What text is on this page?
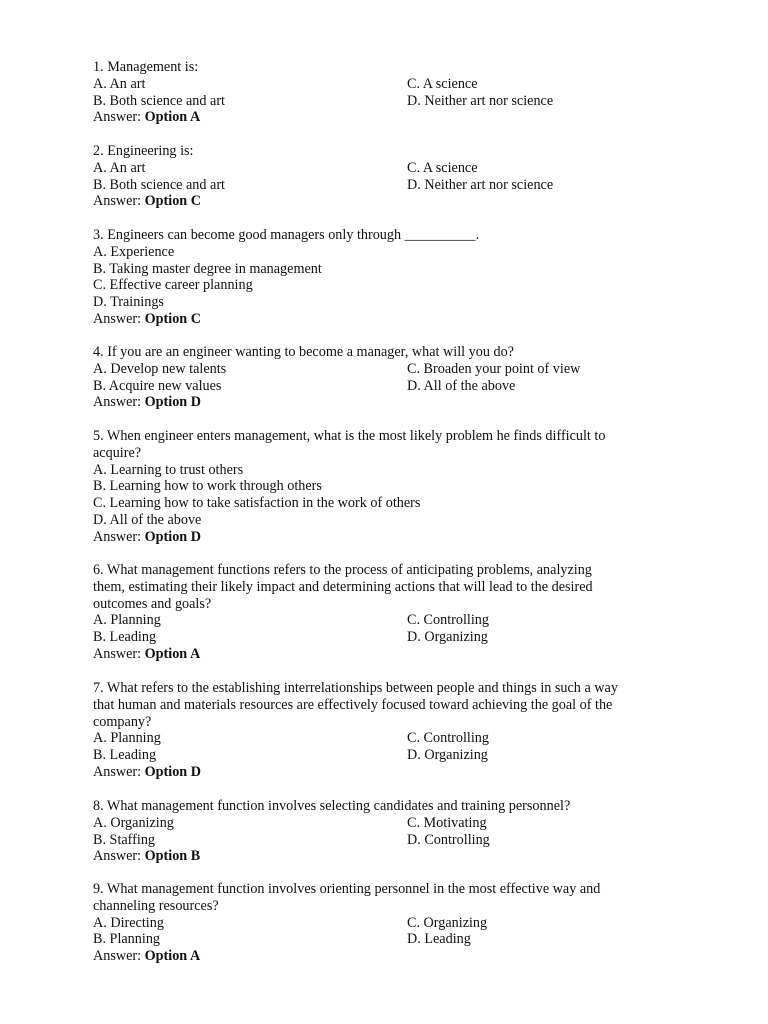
1. Management is:
A. An art	C. A science
B. Both science and art	D. Neither art nor science
Answer: Option A
2. Engineering is:
A. An art	C. A science
B. Both science and art	D. Neither art nor science
Answer: Option C
3. Engineers can become good managers only through __________.
A. Experience
B. Taking master degree in management
C. Effective career planning
D. Trainings
Answer: Option C
4. If you are an engineer wanting to become a manager, what will you do?
A. Develop new talents	C. Broaden your point of view
B. Acquire new values	D. All of the above
Answer: Option D
5. When engineer enters management, what is the most likely problem he finds difficult to
acquire?
A. Learning to trust others
B. Learning how to work through others
C. Learning how to take satisfaction in the work of others
D. All of the above
Answer: Option D
6. What management functions refers to the process of anticipating problems, analyzing
them, estimating their likely impact and determining actions that will lead to the desired
outcomes and goals?
A. Planning	C. Controlling
B. Leading	D. Organizing
Answer: Option A
7. What refers to the establishing interrelationships between people and things in such a way
that human and materials resources are effectively focused toward achieving the goal of the
company?
A. Planning	C. Controlling
B. Leading	D. Organizing
Answer: Option D
8. What management function involves selecting candidates and training personnel?
A. Organizing	C. Motivating
B. Staffing	D. Controlling
Answer: Option B
9. What management function involves orienting personnel in the most effective way and
channeling resources?
A. Directing	C. Organizing
B. Planning	D. Leading
Answer: Option A
